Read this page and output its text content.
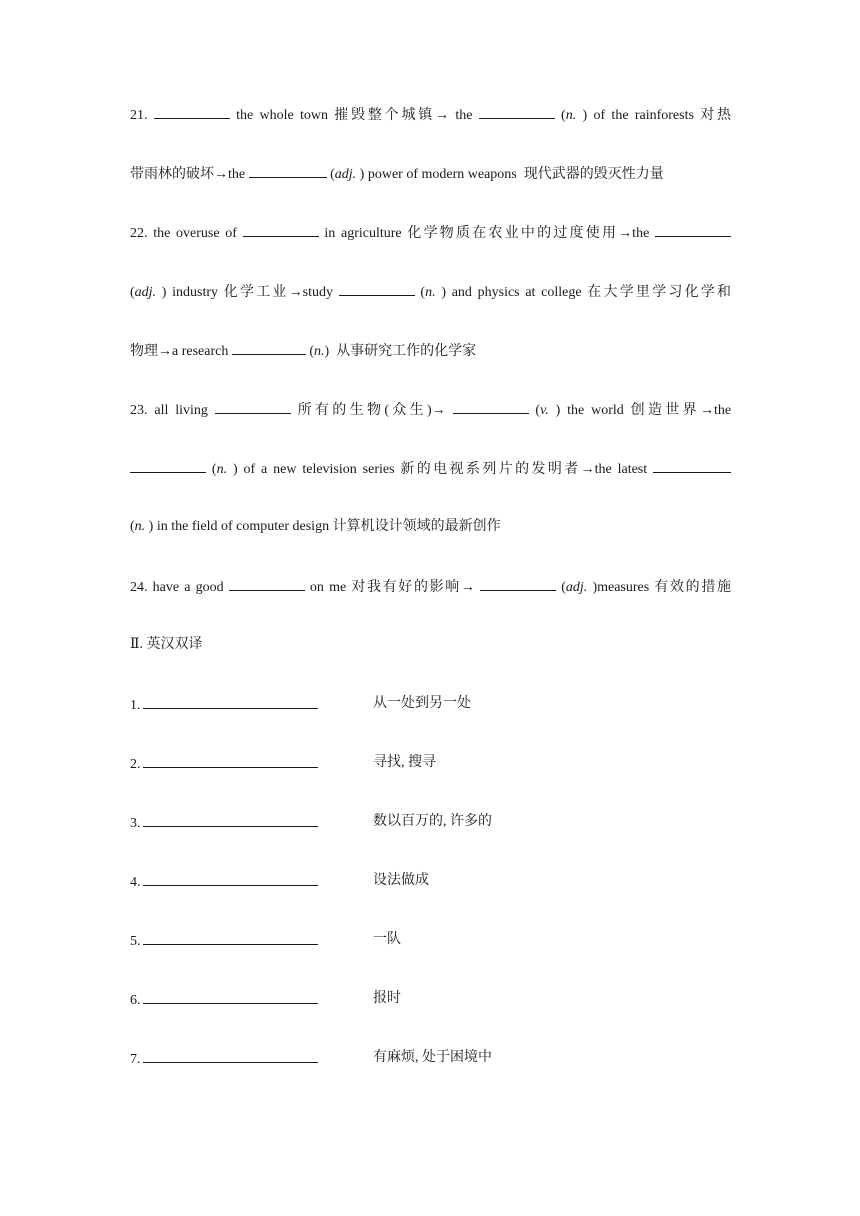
21.	the whole town 摧毁整个城镇→ the	(n. ) of the rainforests 对热
带雨林的破坏→the	(adj. ) power of modern weapons 现代武器的毁灭性力量
22. the overuse of	in agriculture 化学物质在农业中的过度使用→the
(adj. ) industry 化学工业→study	(n. ) and physics at college 在大学里学习化学和
物理→a research	(n.)  从事研究工作的化学家
23. all living	所有的生物(众生)→	(v. ) the world 创造世界→the
(n. ) of a new television series 新的电视系列片的发明者→the latest
(n. ) in the field of computer design 计算机设计领域的最新创作
24. have a good	on me 对我有好的影响→	(adj. )measures 有效的措施
Ⅱ. 英汉双译
1.	从一处到另一处
2.	寻找, 搜寻
3.	数以百万的, 许多的
4.	设法做成
5.	一队
6.	报时
7.	有麻烦, 处于困境中
